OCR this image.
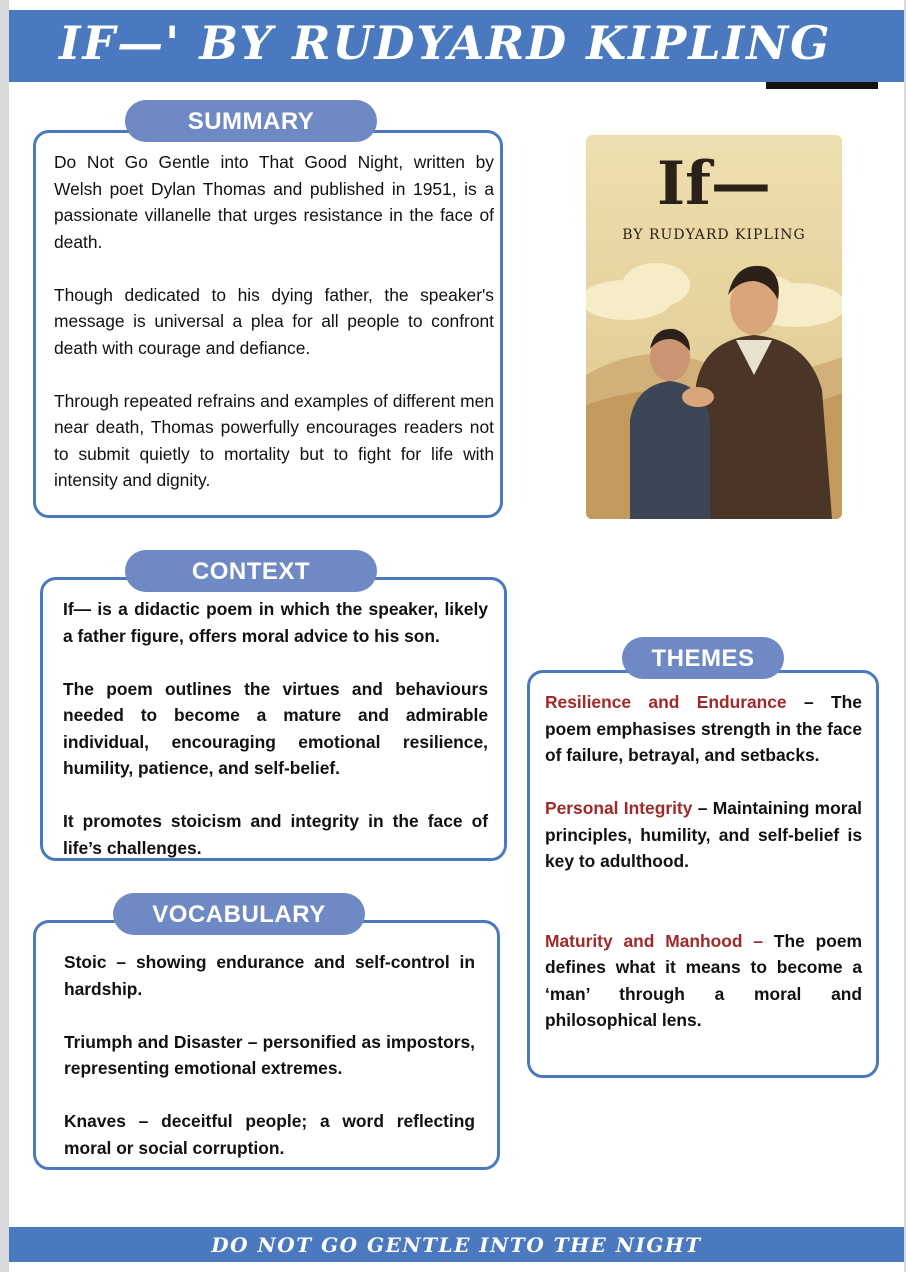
IF—' BY RUDYARD KIPLING

Do Not Go Gentle into That Good Night, written by Welsh poet Dylan Thomas and published in 1951, is a passionate villanelle that urges resistance in the face of death.

Though dedicated to his dying father, the speaker's message is universal a plea for all people to confront death with courage and defiance.

Through repeated refrains and examples of different men near death, Thomas powerfully encourages readers not to submit quietly to mortality but to fight for life with intensity and dignity.

SUMMARY
If—
BY RUDYARD KIPLING

If— is a didactic poem in which the speaker, likely a father figure, offers moral advice to his son.

The poem outlines the virtues and behaviours needed to become a mature and admirable individual, encouraging emotional resilience, humility, patience, and self-belief.

It promotes stoicism and integrity in the face of life’s challenges.

CONTEXT

Resilience and Endurance – The poem emphasises strength in the face of failure, betrayal, and setbacks.

Personal Integrity – Maintaining moral principles, humility, and self-belief is key to adulthood.

Maturity and Manhood – The poem defines what it means to become a ‘man’ through a moral and philosophical lens.

THEMES

Stoic – showing endurance and self-control in hardship.

Triumph and Disaster – personified as impostors, representing emotional extremes.

Knaves – deceitful people; a word reflecting moral or social corruption.

VOCABULARY
DO NOT GO GENTLE INTO THE NIGHT
